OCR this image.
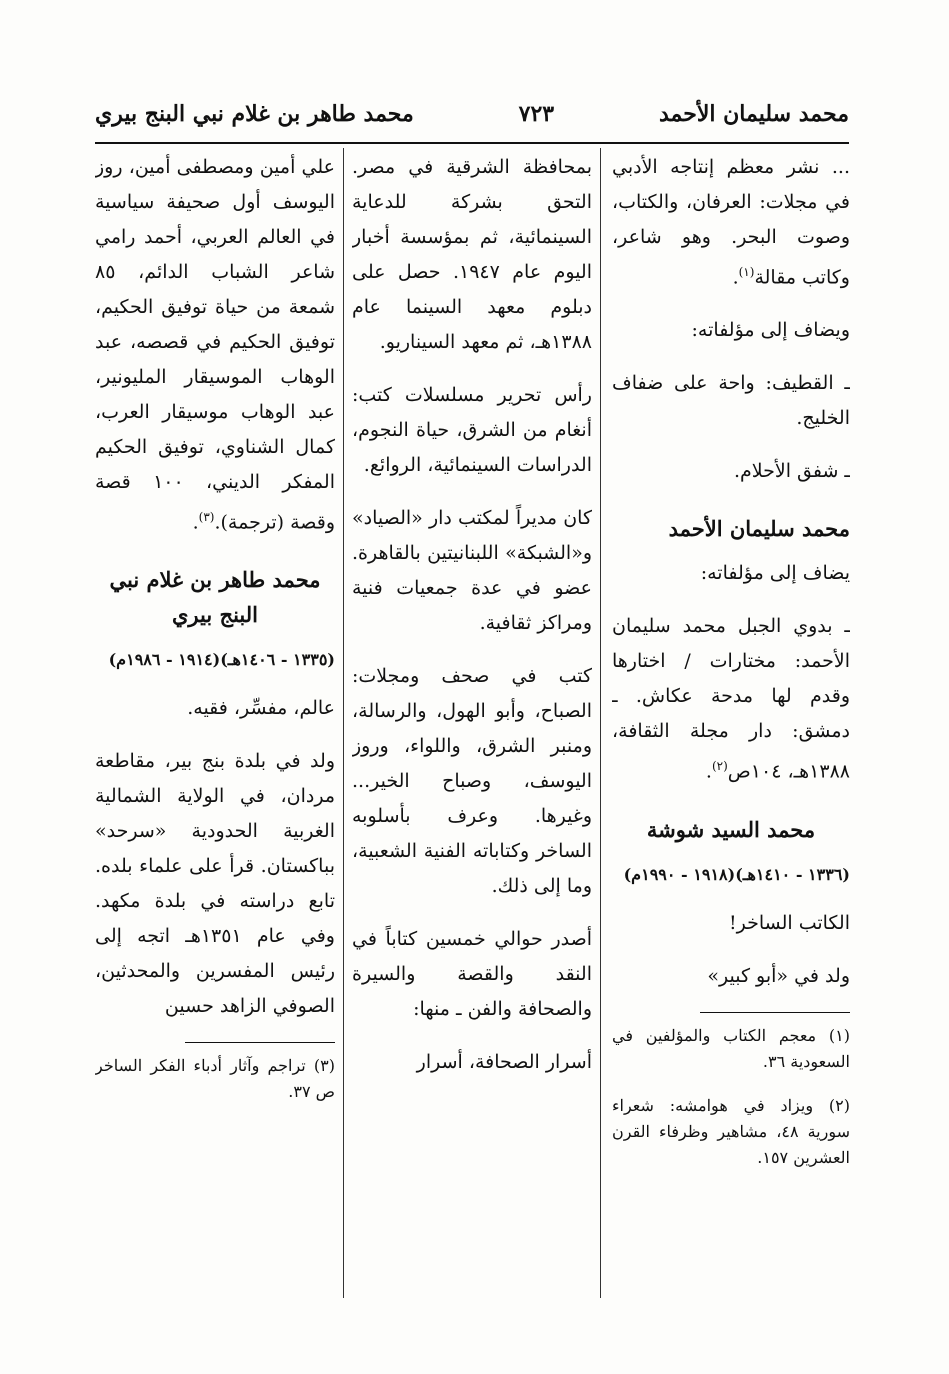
محمد سليمان الأحمد
٧٢٣
محمد طاهر بن غلام نبي البنج بيري

... نشر معظم إنتاجه الأدبي في مجلات: العرفان، والكتاب، وصوت البحر. وهو شاعر، وكاتب مقالة$^{(١)}$.

ويضاف إلى مؤلفاته:

ـ القطيف: واحة على ضفاف الخليج.

ـ شفق الأحلام.

محمد سليمان الأحمد

يضاف إلى مؤلفاته:

ـ بدوي الجبل محمد سليمان الأحمد: مختارات / اختارها وقدم لها مدحة عكاش. ـ دمشق: دار مجلة الثقافة، ١٣٨٨هـ، ١٠٤ص$^{(٢)}$.

محمد السيد شوشة
(١٣٣٦ - ١٤١٠هـ)(١٩١٨ - ١٩٩٠م)

الكاتب الساخر!

ولد في «أبو كبير»

(١) معجم الكتاب والمؤلفين في السعودية ٣٦.

(٢) ويزاد في هوامشه: شعراء سورية ٤٨، مشاهير وظرفاء القرن العشرين ١٥٧.

بمحافظة الشرقية في مصر. التحق بشركة للدعاية السينمائية، ثم بمؤسسة أخبار اليوم عام ١٩٤٧. حصل على دبلوم معهد السينما عام ١٣٨٨هـ، ثم معهد السيناريو.

رأس تحرير مسلسلات كتب: أنغام من الشرق، حياة النجوم، الدراسات السينمائية، الروائع.

كان مديراً لمكتب دار «الصياد» و«الشبكة» اللبنانيتين بالقاهرة. عضو في عدة جمعيات فنية ومراكز ثقافية.

كتب في صحف ومجلات: الصباح، وأبو الهول، والرسالة، ومنبر الشرق، واللواء، وروز اليوسف، وصباح الخير... وغيرها. وعرف بأسلوبه الساخر وكتاباته الفنية الشعبية، وما إلى ذلك.

أصدر حوالي خمسين كتاباً في النقد والقصة والسيرة والصحافة والفن ـ منها:

أسرار الصحافة، أسرار

علي أمين ومصطفى أمين، روز اليوسف أول صحيفة سياسية في العالم العربي، أحمد رامي شاعر الشباب الدائم، ٨٥ شمعة من حياة توفيق الحكيم، توفيق الحكيم في قصصه، عبد الوهاب الموسيقار المليونير، عبد الوهاب موسيقار العرب، كمال الشناوي، توفيق الحكيم المفكر الديني، ١٠٠ قصة وقصة (ترجمة).$^{(٣)}$.

محمد طاهر بن غلام نبي البنج بيري
(١٣٣٥ - ١٤٠٦هـ)(١٩١٤ - ١٩٨٦م)

عالم، مفسِّر، فقيه.

ولد في بلدة بنج بير، مقاطعة مردان، في الولاية الشمالية الغربية الحدودية «سرحد» بباكستان. قرأ على علماء بلده. تابع دراسته في بلدة مكهد. وفي عام ١٣٥١هـ اتجه إلى رئيس المفسرين والمحدثين، الصوفي الزاهد حسين

(٣) تراجم وآثار أدباء الفكر الساخر ص ٣٧.
